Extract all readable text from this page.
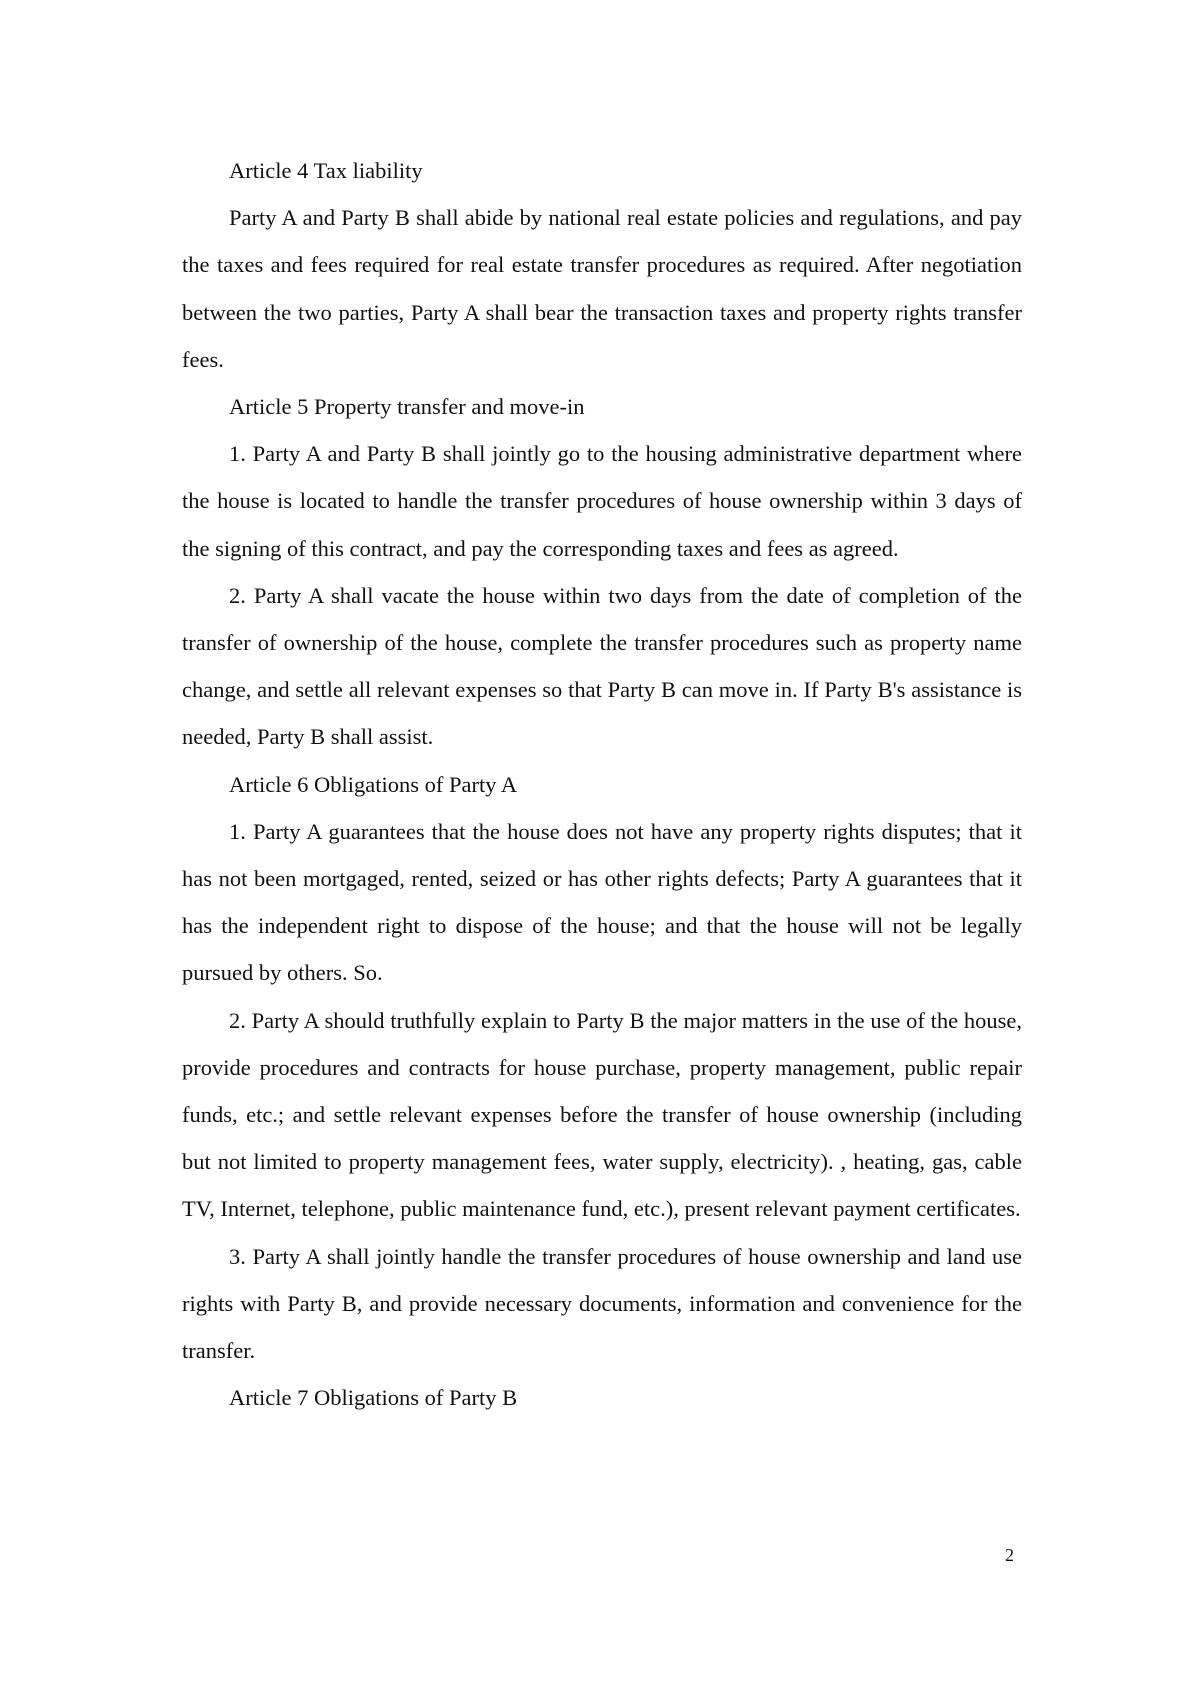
Article 4 Tax liability

Party A and Party B shall abide by national real estate policies and regulations, and pay the taxes and fees required for real estate transfer procedures as required. After negotiation between the two parties, Party A shall bear the transaction taxes and property rights transfer fees.

Article 5 Property transfer and move-in

1. Party A and Party B shall jointly go to the housing administrative department where the house is located to handle the transfer procedures of house ownership within 3 days of the signing of this contract, and pay the corresponding taxes and fees as agreed.

2. Party A shall vacate the house within two days from the date of completion of the transfer of ownership of the house, complete the transfer procedures such as property name change, and settle all relevant expenses so that Party B can move in. If Party B's assistance is needed, Party B shall assist.

Article 6 Obligations of Party A

1. Party A guarantees that the house does not have any property rights disputes; that it has not been mortgaged, rented, seized or has other rights defects; Party A guarantees that it has the independent right to dispose of the house; and that the house will not be legally pursued by others. So.

2. Party A should truthfully explain to Party B the major matters in the use of the house, provide procedures and contracts for house purchase, property management, public repair funds, etc.; and settle relevant expenses before the transfer of house ownership (including but not limited to property management fees, water supply, electricity). , heating, gas, cable TV, Internet, telephone, public maintenance fund, etc.), present relevant payment certificates.

3. Party A shall jointly handle the transfer procedures of house ownership and land use rights with Party B, and provide necessary documents, information and convenience for the transfer.

Article 7 Obligations of Party B

2
